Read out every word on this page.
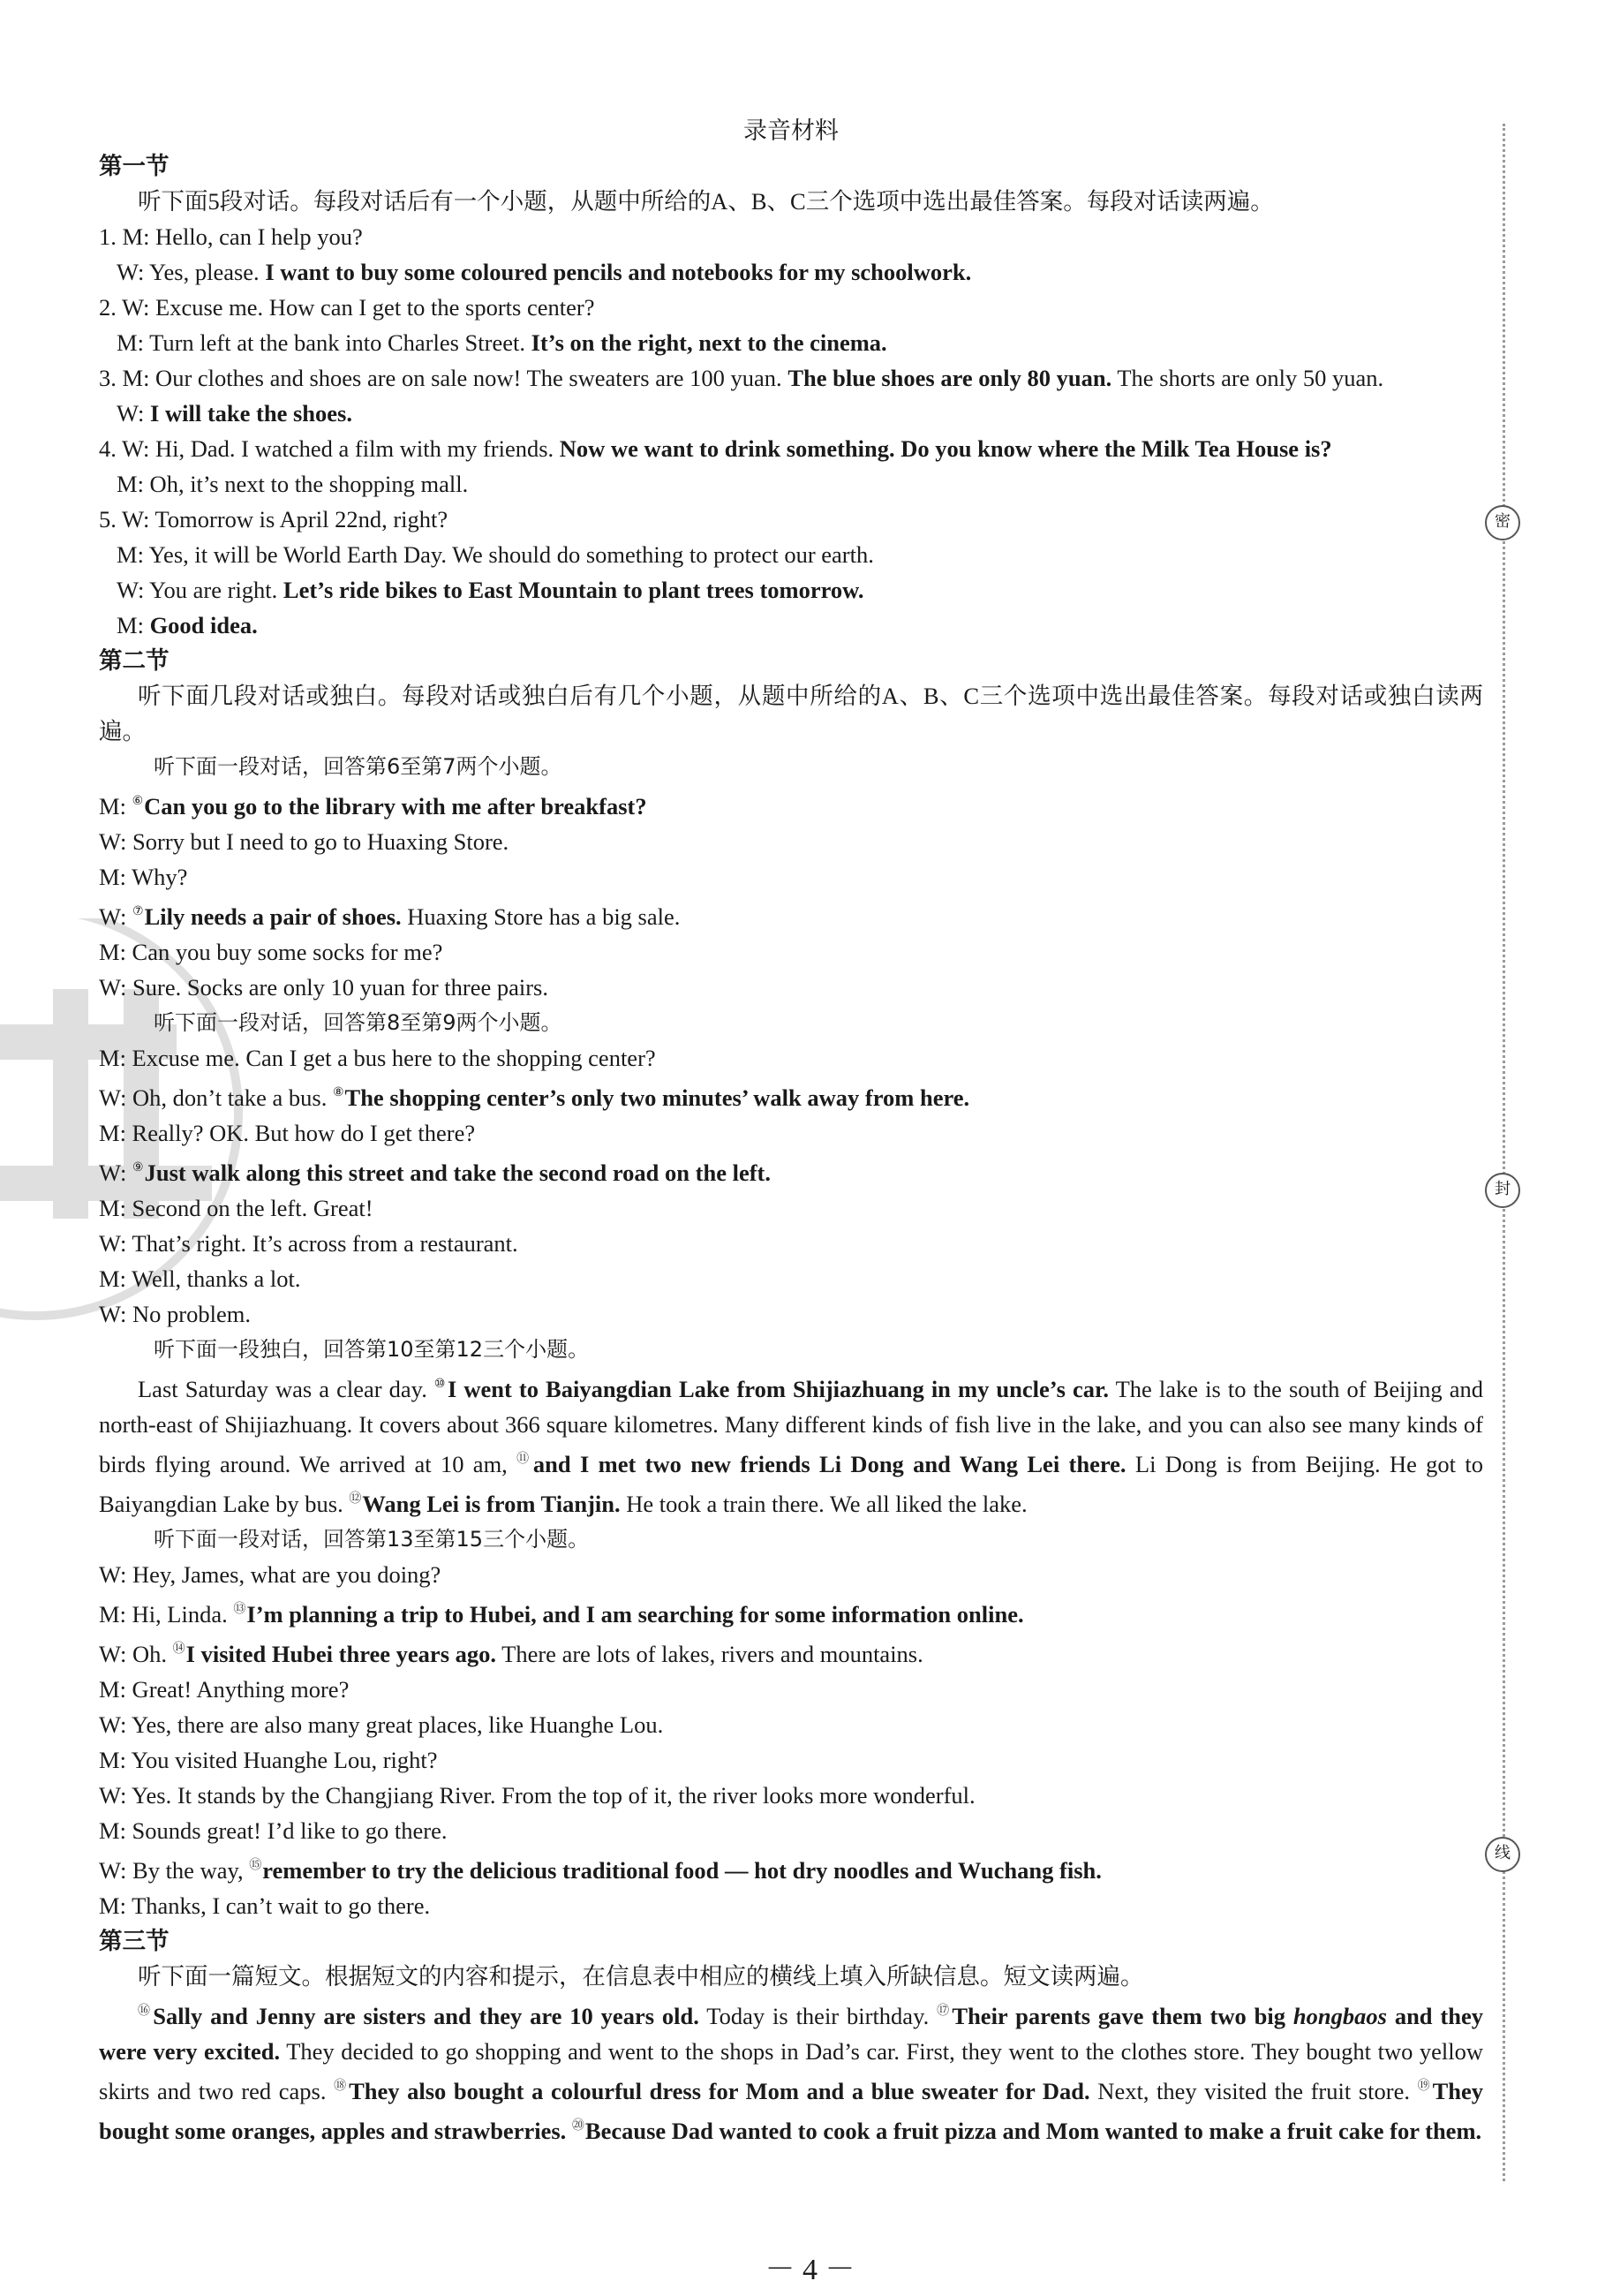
密
封
线
录音材料
第一节
听下面5段对话。每段对话后有一个小题，从题中所给的A、B、C三个选项中选出最佳答案。每段对话读两遍。
1. M: Hello, can I help you?
W: Yes, please. I want to buy some coloured pencils and notebooks for my schoolwork.
2. W: Excuse me. How can I get to the sports center?
M: Turn left at the bank into Charles Street. It’s on the right, next to the cinema.
3. M: Our clothes and shoes are on sale now! The sweaters are 100 yuan. The blue shoes are only 80 yuan. The shorts are only 50 yuan.
W: I will take the shoes.
4. W: Hi, Dad. I watched a film with my friends. Now we want to drink something. Do you know where the Milk Tea House is?
M: Oh, it’s next to the shopping mall.
5. W: Tomorrow is April 22nd, right?
M: Yes, it will be World Earth Day. We should do something to protect our earth.
W: You are right. Let’s ride bikes to East Mountain to plant trees tomorrow.
M: Good idea.
第二节
听下面几段对话或独白。每段对话或独白后有几个小题，从题中所给的A、B、C三个选项中选出最佳答案。每段对话或独白读两遍。
听下面一段对话，回答第6至第7两个小题。
M: ⑥Can you go to the library with me after breakfast?
W: Sorry but I need to go to Huaxing Store.
M: Why?
W: ⑦Lily needs a pair of shoes. Huaxing Store has a big sale.
M: Can you buy some socks for me?
W: Sure. Socks are only 10 yuan for three pairs.
听下面一段对话，回答第8至第9两个小题。
M: Excuse me. Can I get a bus here to the shopping center?
W: Oh, don’t take a bus. ⑧The shopping center’s only two minutes’ walk away from here.
M: Really? OK. But how do I get there?
W: ⑨Just walk along this street and take the second road on the left.
M: Second on the left. Great!
W: That’s right. It’s across from a restaurant.
M: Well, thanks a lot.
W: No problem.
听下面一段独白，回答第10至第12三个小题。
Last Saturday was a clear day. ⑩I went to Baiyangdian Lake from Shijiazhuang in my uncle’s car. The lake is to the south of Beijing and north-east of Shijiazhuang. It covers about 366 square kilometres. Many different kinds of fish live in the lake, and you can also see many kinds of birds flying around. We arrived at 10 am, ⑪and I met two new friends Li Dong and Wang Lei there. Li Dong is from Beijing. He got to Baiyangdian Lake by bus. ⑫Wang Lei is from Tianjin. He took a train there. We all liked the lake.
听下面一段对话，回答第13至第15三个小题。
W: Hey, James, what are you doing?
M: Hi, Linda. ⑬I’m planning a trip to Hubei, and I am searching for some information online.
W: Oh. ⑭I visited Hubei three years ago. There are lots of lakes, rivers and mountains.
M: Great! Anything more?
W: Yes, there are also many great places, like Huanghe Lou.
M: You visited Huanghe Lou, right?
W: Yes. It stands by the Changjiang River. From the top of it, the river looks more wonderful.
M: Sounds great! I’d like to go there.
W: By the way, ⑮remember to try the delicious traditional food — hot dry noodles and Wuchang fish.
M: Thanks, I can’t wait to go there.
第三节
听下面一篇短文。根据短文的内容和提示，在信息表中相应的横线上填入所缺信息。短文读两遍。
⑯Sally and Jenny are sisters and they are 10 years old. Today is their birthday. ⑰Their parents gave them two big hongbaos and they were very excited. They decided to go shopping and went to the shops in Dad’s car. First, they went to the clothes store. They bought two yellow skirts and two red caps. ⑱They also bought a colourful dress for Mom and a blue sweater for Dad. Next, they visited the fruit store. ⑲They bought some oranges, apples and strawberries. ⑳Because Dad wanted to cook a fruit pizza and Mom wanted to make a fruit cake for them.
－ 4 －
